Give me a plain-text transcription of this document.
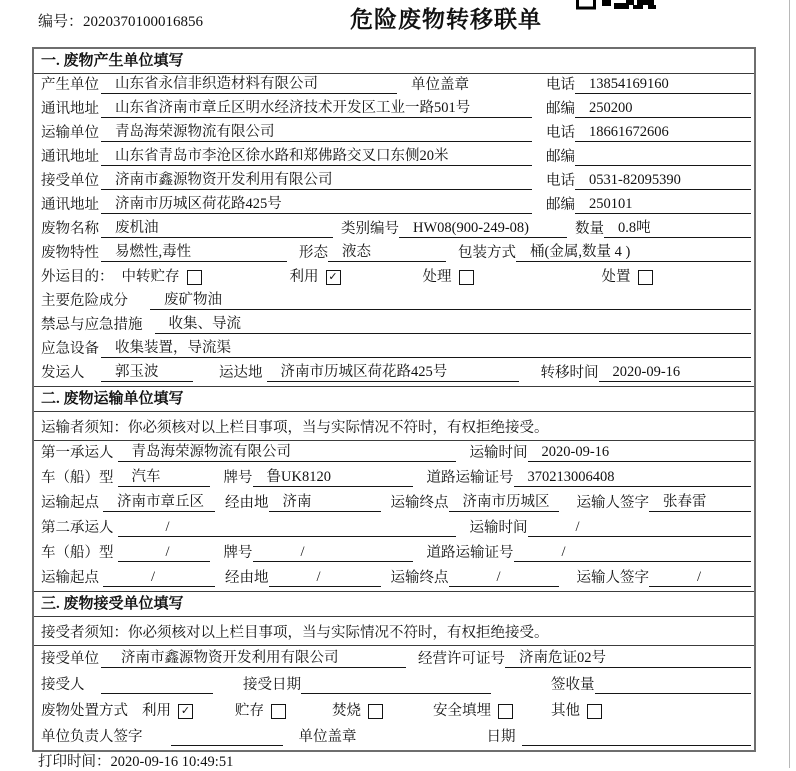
编号：2020370100016856	危险废物转移联单
一. 废物产生单位填写
产生单位	山东省永信非织造材料有限公司	单位盖章	电话 13854169160
通讯地址	山东省济南市章丘区明水经济技术开发区工业一路501号	邮编 250200
运输单位	青岛海荣源物流有限公司	电话 18661672606
通讯地址	山东省青岛市李沧区徐水路和郑佛路交叉口东侧20米	邮编
接受单位	济南市鑫源物资开发利用有限公司	电话 0531-82095390
通讯地址	济南市历城区荷花路425号	邮编 250101
废物名称	废机油	类别编号 HW08(900-249-08)	数量 0.8吨
废物特性	易燃性,毒性	形态 液态	包装方式 桶(金属,数量 4 )
外运目的： 中转贮存	利用 ✓	处理	处置
主要危险成分	废矿物油
禁忌与应急措施	收集、导流
应急设备	收集装置，导流渠
发运人	郭玉波	运达地	济南市历城区荷花路425号	转移时间 2020-09-16
二. 废物运输单位填写
运输者须知：你必须核对以上栏目事项，当与实际情况不符时，有权拒绝接受。
第一承运人	青岛海荣源物流有限公司	运输时间 2020-09-16
车（船）型	汽车	牌号 鲁UK8120	道路运输证号 370213006408
运输起点	济南市章丘区	经由地 济南	运输终点 济南市历城区	运输人签字 张春雷
第二承运人	/	运输时间	/
车（船）型	/	牌号	/	道路运输证号	/
运输起点	/	经由地	/	运输终点	/	运输人签字	/
三. 废物接受单位填写
接受者须知：你必须核对以上栏目事项，当与实际情况不符时，有权拒绝接受。
接受单位	济南市鑫源物资开发利用有限公司	经营许可证号 济南危证02号
接受人	接受日期	签收量
废物处置方式 利用 ✓	贮存	焚烧	安全填埋	其他
单位负责人签字	单位盖章	日期
打印时间：2020-09-16 10:49:51
